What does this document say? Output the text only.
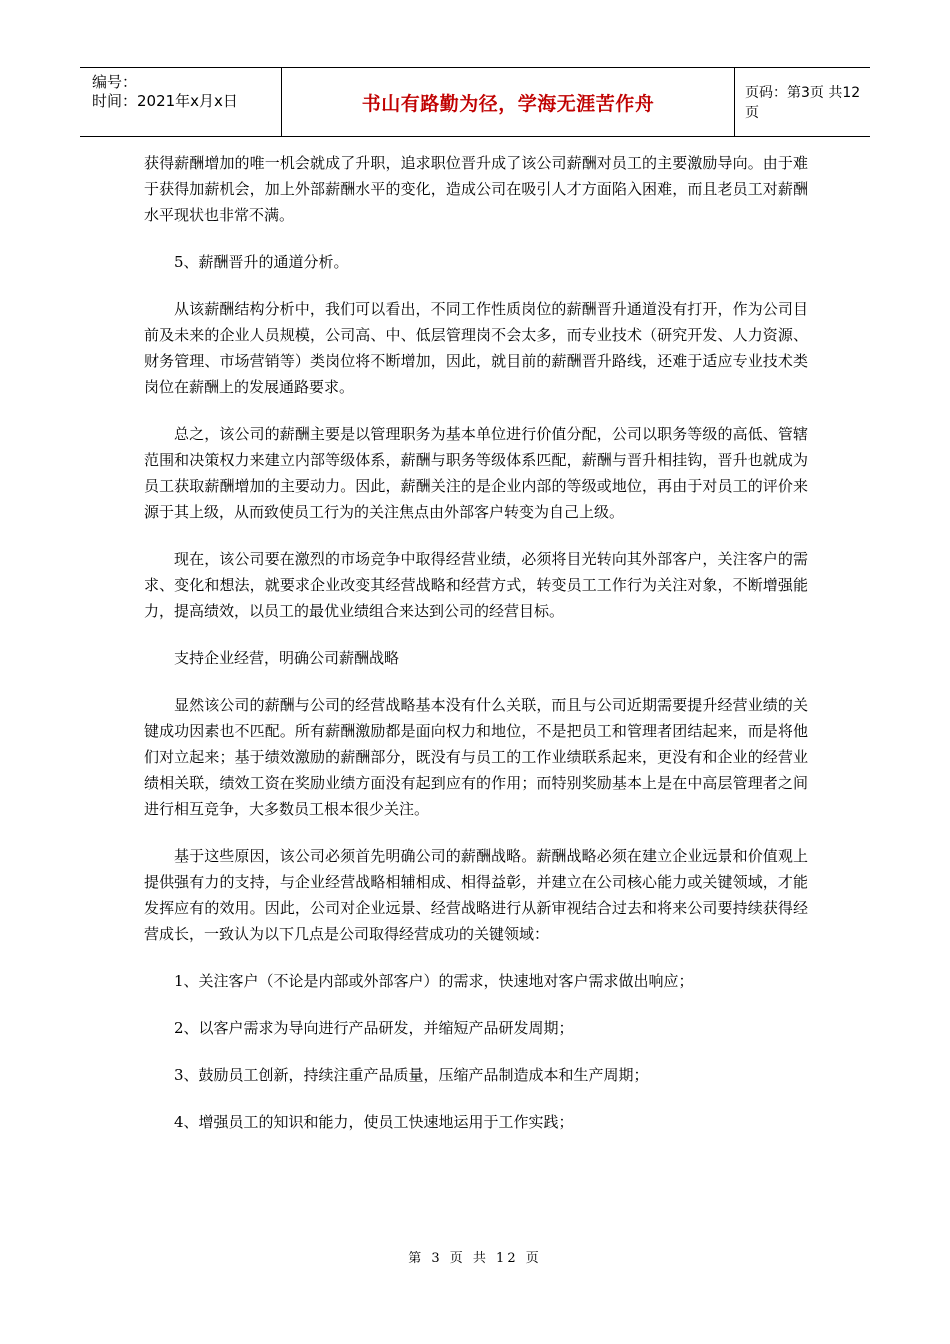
编号：
时间：2021年x月x日	书山有路勤为径，学海无涯苦作舟	页码：第3页 共12页

获得薪酬增加的唯一机会就成了升职，追求职位晋升成了该公司薪酬对员工的主要激励导向。由于难于获得加薪机会，加上外部薪酬水平的变化，造成公司在吸引人才方面陷入困难，而且老员工对薪酬水平现状也非常不满。

5、薪酬晋升的通道分析。

从该薪酬结构分析中，我们可以看出，不同工作性质岗位的薪酬晋升通道没有打开，作为公司目前及未来的企业人员规模，公司高、中、低层管理岗不会太多，而专业技术（研究开发、人力资源、财务管理、市场营销等）类岗位将不断增加，因此，就目前的薪酬晋升路线，还难于适应专业技术类岗位在薪酬上的发展通路要求。

总之，该公司的薪酬主要是以管理职务为基本单位进行价值分配，公司以职务等级的高低、管辖范围和决策权力来建立内部等级体系，薪酬与职务等级体系匹配，薪酬与晋升相挂钩，晋升也就成为员工获取薪酬增加的主要动力。因此，薪酬关注的是企业内部的等级或地位，再由于对员工的评价来源于其上级，从而致使员工行为的关注焦点由外部客户转变为自己上级。

现在，该公司要在激烈的市场竞争中取得经营业绩，必须将目光转向其外部客户，关注客户的需求、变化和想法，就要求企业改变其经营战略和经营方式，转变员工工作行为关注对象，不断增强能力，提高绩效，以员工的最优业绩组合来达到公司的经营目标。

支持企业经营，明确公司薪酬战略

显然该公司的薪酬与公司的经营战略基本没有什么关联，而且与公司近期需要提升经营业绩的关键成功因素也不匹配。所有薪酬激励都是面向权力和地位，不是把员工和管理者团结起来，而是将他们对立起来；基于绩效激励的薪酬部分，既没有与员工的工作业绩联系起来，更没有和企业的经营业绩相关联，绩效工资在奖励业绩方面没有起到应有的作用；而特别奖励基本上是在中高层管理者之间进行相互竞争，大多数员工根本很少关注。

基于这些原因，该公司必须首先明确公司的薪酬战略。薪酬战略必须在建立企业远景和价值观上提供强有力的支持，与企业经营战略相辅相成、相得益彰，并建立在公司核心能力或关键领域，才能发挥应有的效用。因此，公司对企业远景、经营战略进行从新审视结合过去和将来公司要持续获得经营成长，一致认为以下几点是公司取得经营成功的关键领域：

1、关注客户（不论是内部或外部客户）的需求，快速地对客户需求做出响应；

2、以客户需求为导向进行产品研发，并缩短产品研发周期；

3、鼓励员工创新，持续注重产品质量，压缩产品制造成本和生产周期；

4、增强员工的知识和能力，使员工快速地运用于工作实践；

第 3 页 共 12 页
